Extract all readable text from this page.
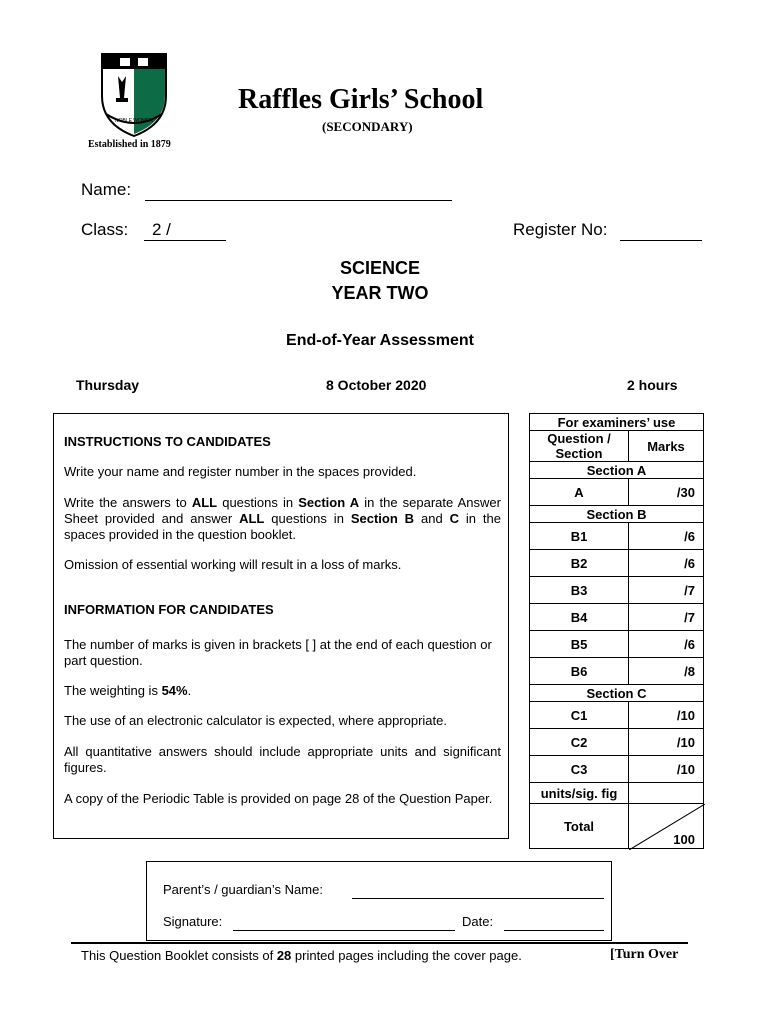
NOBLE WOMEN
Established in 1879
Raffles Girls’ School
(SECONDARY)
Name:
Class: 2 /	Register No:
SCIENCE
YEAR TWO
End-of-Year Assessment
Thursday	8 October 2020	2 hours
INSTRUCTIONS TO CANDIDATES

Write your name and register number in the spaces provided.

Write the answers to ALL questions in Section A in the separate Answer Sheet provided and answer ALL questions in Section B and C in the spaces provided in the question booklet.

Omission of essential working will result in a loss of marks.

INFORMATION FOR CANDIDATES

The number of marks is given in brackets [ ] at the end of each question or part question.

The weighting is 54%.

The use of an electronic calculator is expected, where appropriate.

All quantitative answers should include appropriate units and significant figures.

A copy of the Periodic Table is provided on page 28 of the Question Paper.

For examiners’ use	
Question / Section	Marks
Section A	
A	/30
Section B	
B1	/6
B2	/6
B3	/7
B4	/7
B5	/6
B6	/8
Section C	
C1	/10
C2	/10
C3	/10
units/sig. fig	
Total	100
Parent’s / guardian’s Name:
Signature:	Date:
This Question Booklet consists of 28 printed pages including the cover page.	[Turn Over
